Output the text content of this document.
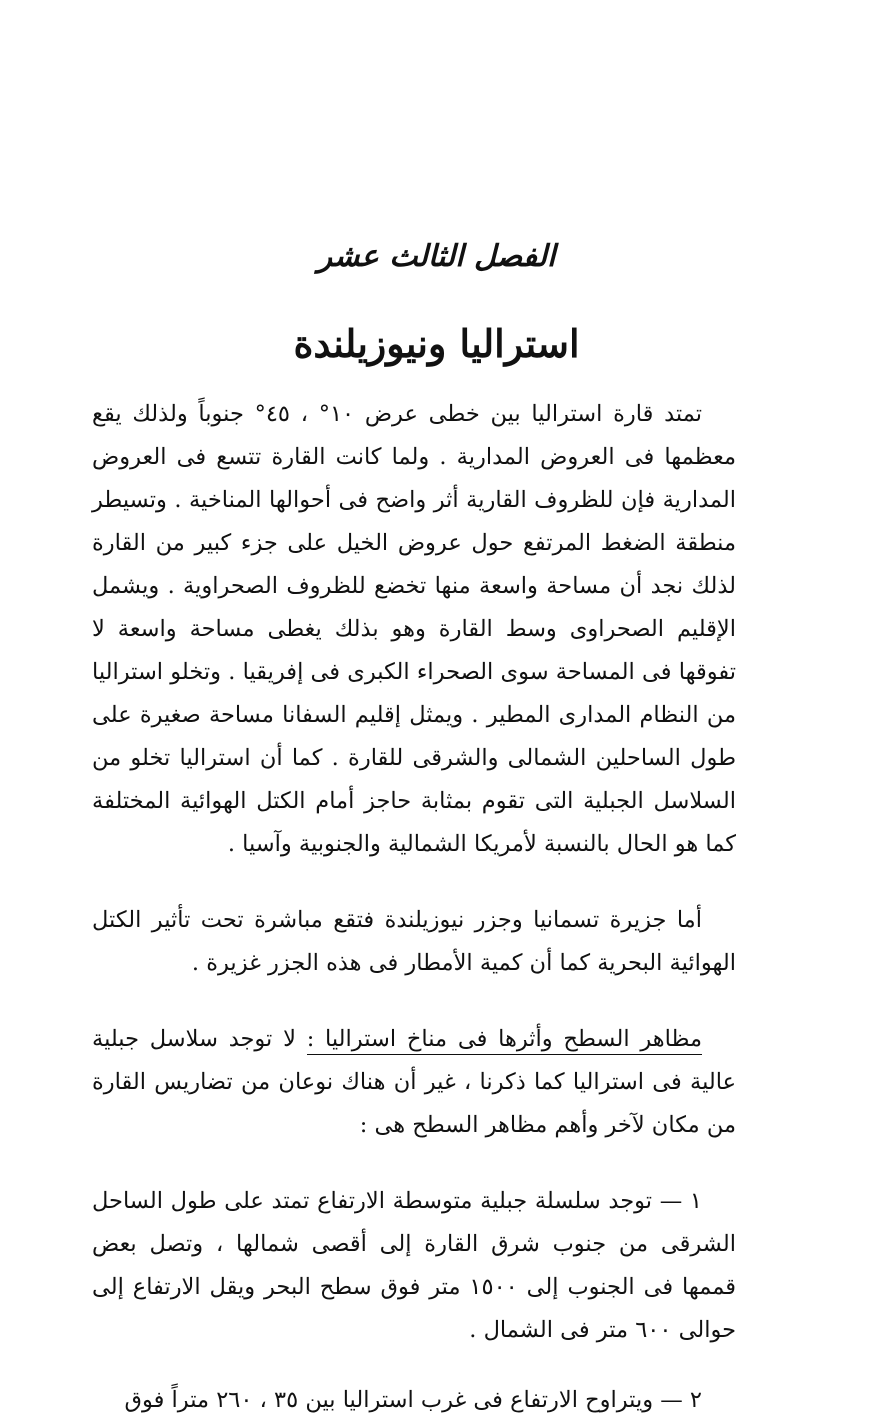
الفصل الثالث عشر
استراليا ونيوزيلندة

تمتد قارة استراليا بين خطى عرض ١٠° ، ٤٥° جنوباً ولذلك يقع معظمها فى العروض المدارية . ولما كانت القارة تتسع فى العروض المدارية فإن للظروف القارية أثر واضح فى أحوالها المناخية . وتسيطر منطقة الضغط المرتفع حول عروض الخيل على جزء كبير من القارة لذلك نجد أن مساحة واسعة منها تخضع للظروف الصحراوية . ويشمل الإقليم الصحراوى وسط القارة وهو بذلك يغطى مساحة واسعة لا تفوقها فى المساحة سوى الصحراء الكبرى فى إفريقيا . وتخلو استراليا من النظام المدارى المطير . ويمثل إقليم السفانا مساحة صغيرة على طول الساحلين الشمالى والشرقى للقارة . كما أن استراليا تخلو من السلاسل الجبلية التى تقوم بمثابة حاجز أمام الكتل الهوائية المختلفة كما هو الحال بالنسبة لأمريكا الشمالية والجنوبية وآسيا .

أما جزيرة تسمانيا وجزر نيوزيلندة فتقع مباشرة تحت تأثير الكتل الهوائية البحرية كما أن كمية الأمطار فى هذه الجزر غزيرة .

مظاهر السطح وأثرها فى مناخ استراليا : لا توجد سلاسل جبلية عالية فى استراليا كما ذكرنا ، غير أن هناك نوعان من تضاريس القارة من مكان لآخر وأهم مظاهر السطح هى :

١ — توجد سلسلة جبلية متوسطة الارتفاع تمتد على طول الساحل الشرقى من جنوب شرق القارة إلى أقصى شمالها ، وتصل بعض قممها فى الجنوب إلى ١٥٠٠ متر فوق سطح البحر ويقل الارتفاع إلى حوالى ٦٠٠ متر فى الشمال .

٢ — ويتراوح الارتفاع فى غرب استراليا بين ٣٥ ، ٢٦٠ متراً فوق
